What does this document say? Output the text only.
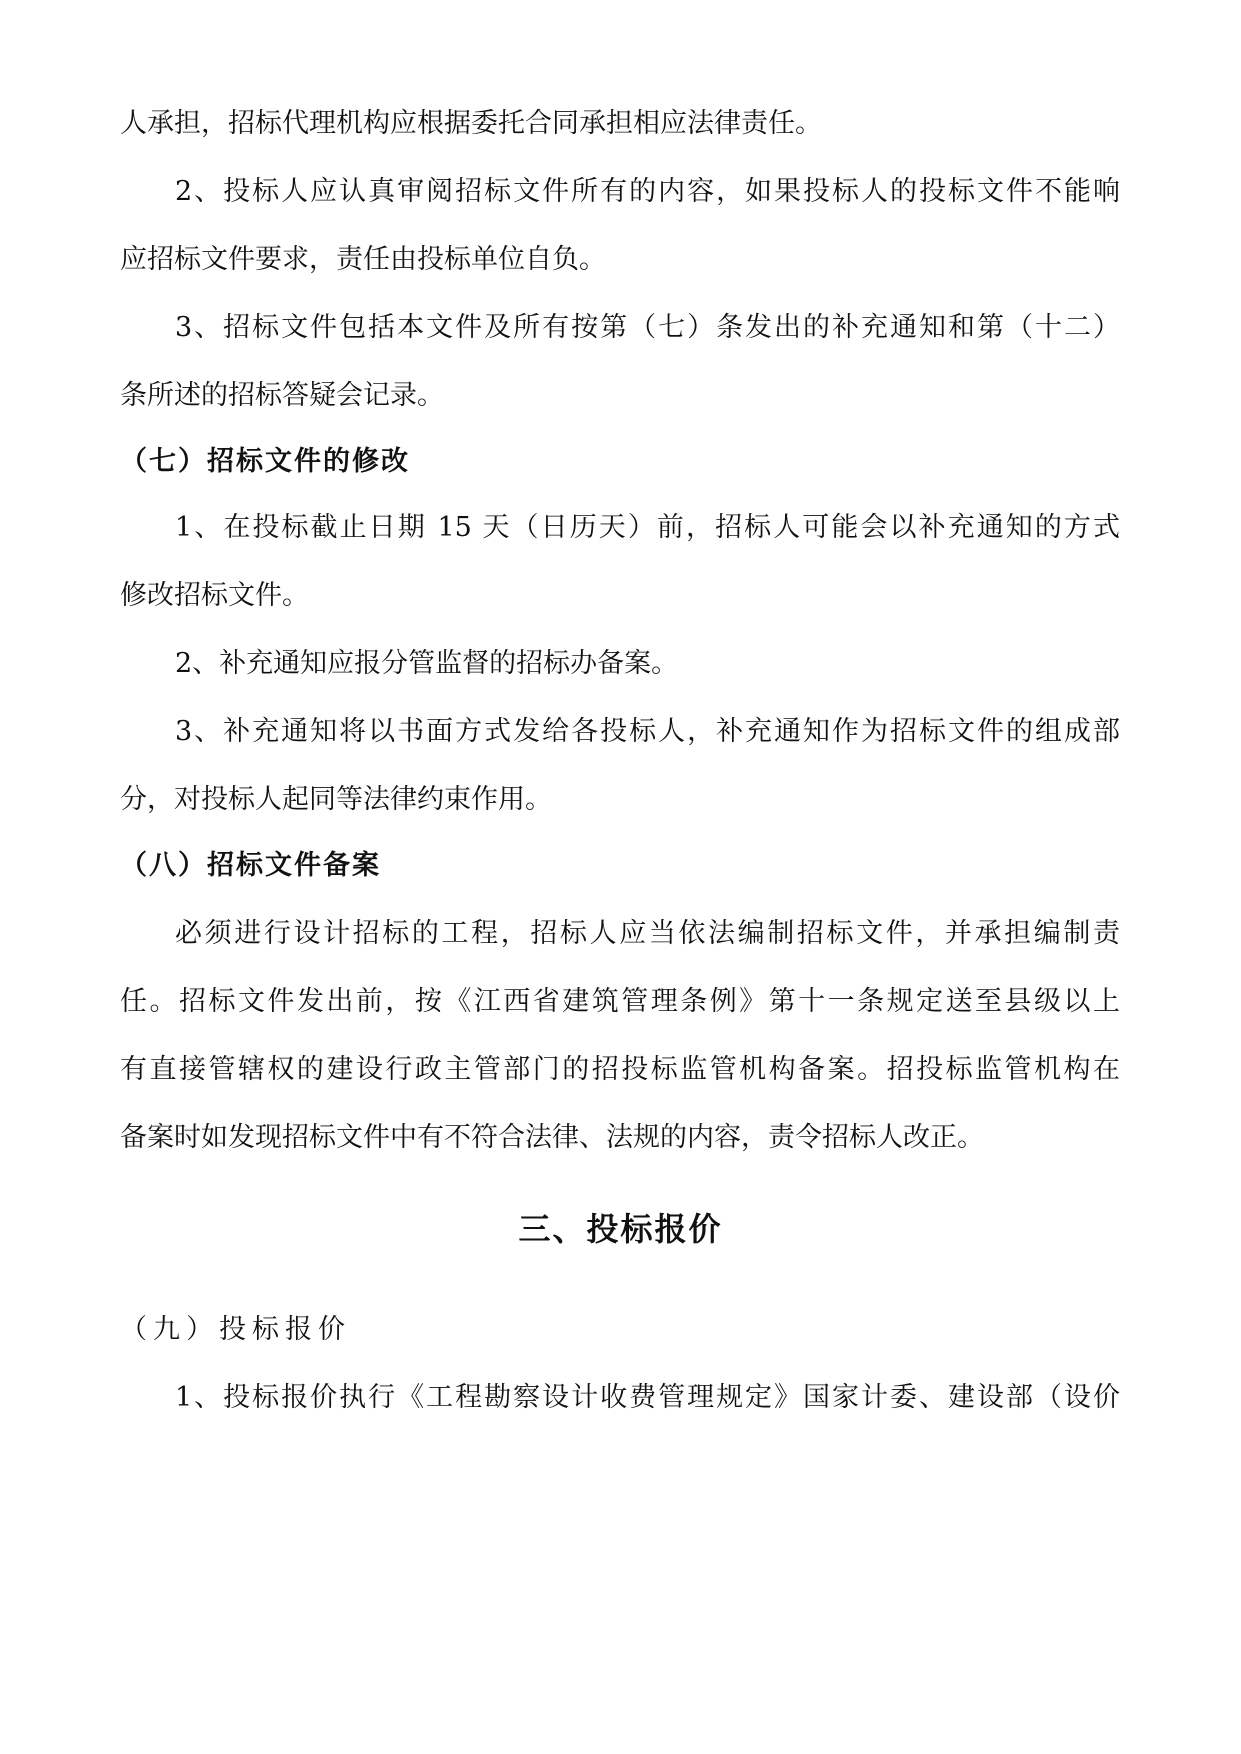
人承担，招标代理机构应根据委托合同承担相应法律责任。
2、投标人应认真审阅招标文件所有的内容，如果投标人的投标文件不能响
应招标文件要求，责任由投标单位自负。
3、招标文件包括本文件及所有按第（七）条发出的补充通知和第（十二）
条所述的招标答疑会记录。
（七）招标文件的修改
1、在投标截止日期 15 天（日历天）前，招标人可能会以补充通知的方式
修改招标文件。
2、补充通知应报分管监督的招标办备案。
3、补充通知将以书面方式发给各投标人，补充通知作为招标文件的组成部
分，对投标人起同等法律约束作用。
（八）招标文件备案
必须进行设计招标的工程，招标人应当依法编制招标文件，并承担编制责
任。招标文件发出前，按《江西省建筑管理条例》第十一条规定送至县级以上
有直接管辖权的建设行政主管部门的招投标监管机构备案。招投标监管机构在
备案时如发现招标文件中有不符合法律、法规的内容，责令招标人改正。
三、投标报价
（九）投标报价
1、投标报价执行《工程勘察设计收费管理规定》国家计委、建设部（设价
